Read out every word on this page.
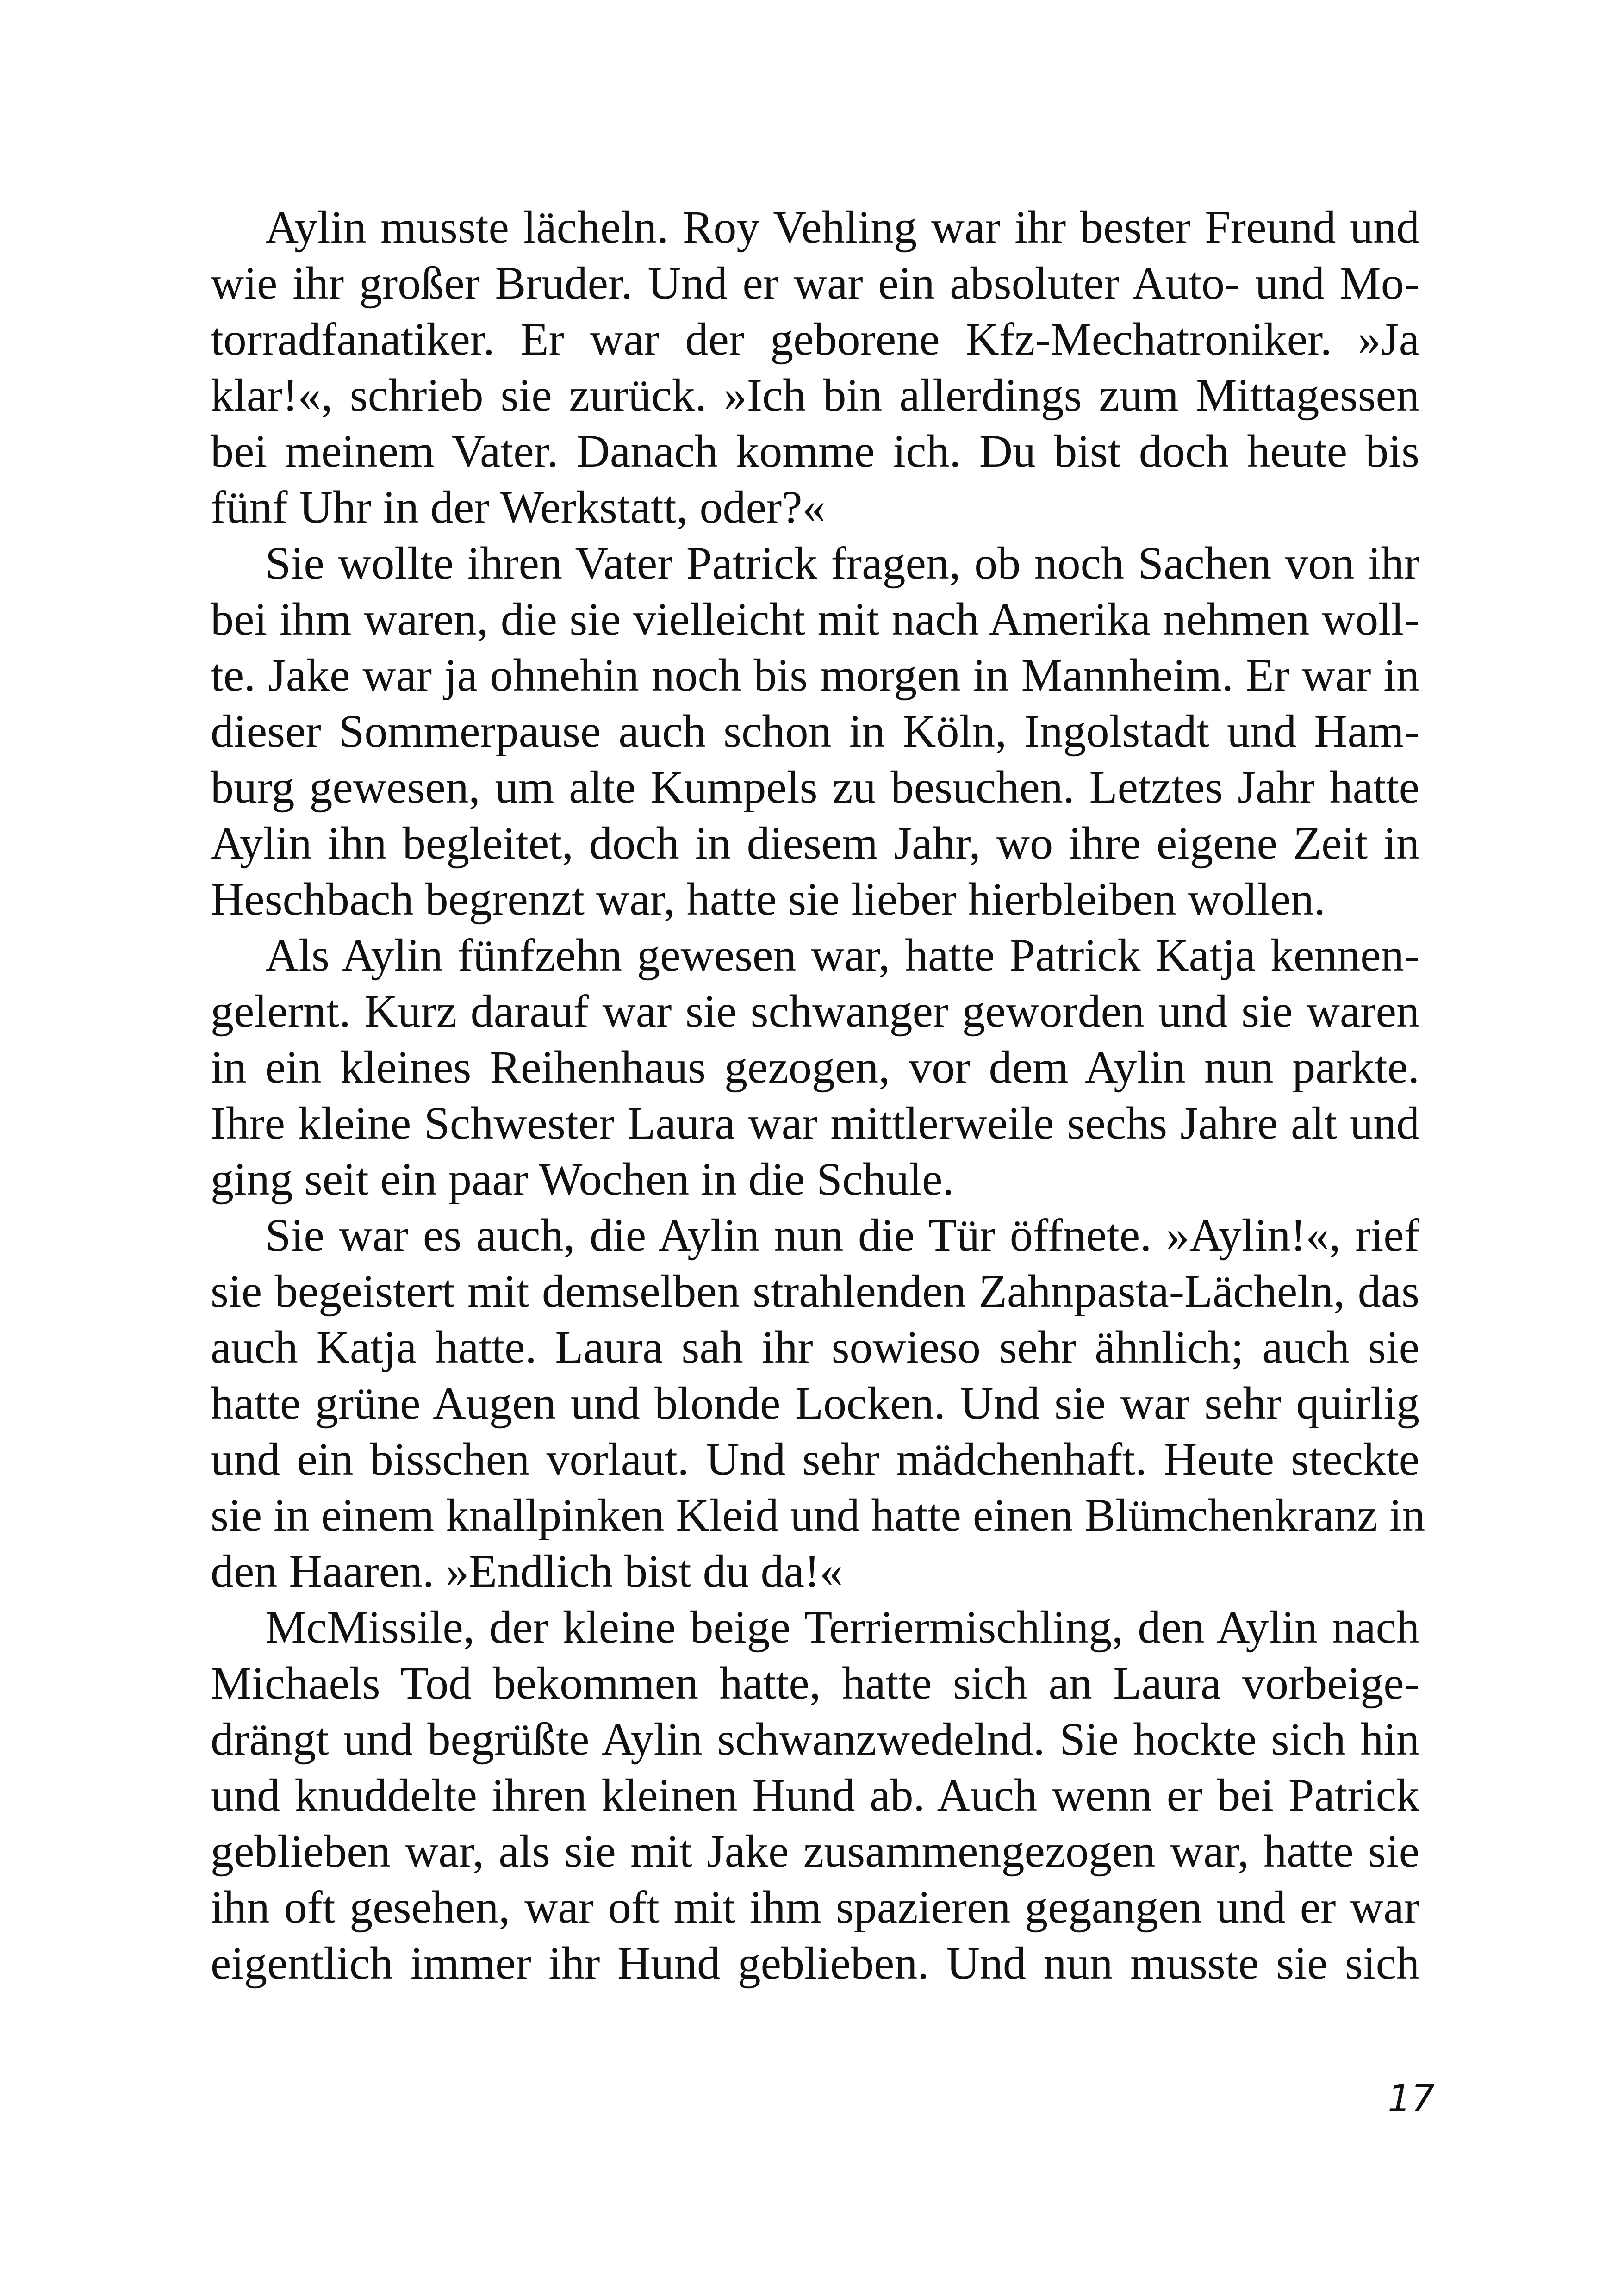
Aylin musste lächeln. Roy Vehling war ihr bester Freund und
wie ihr großer Bruder. Und er war ein absoluter Auto- und Mo-
torradfanatiker. Er war der geborene Kfz-Mechatroniker. »Ja
klar!«, schrieb sie zurück. »Ich bin allerdings zum Mittagessen
bei meinem Vater. Danach komme ich. Du bist doch heute bis
fünf Uhr in der Werkstatt, oder?«
Sie wollte ihren Vater Patrick fragen, ob noch Sachen von ihr
bei ihm waren, die sie vielleicht mit nach Amerika nehmen woll-
te. Jake war ja ohnehin noch bis morgen in Mannheim. Er war in
dieser Sommerpause auch schon in Köln, Ingolstadt und Ham-
burg gewesen, um alte Kumpels zu besuchen. Letztes Jahr hatte
Aylin ihn begleitet, doch in diesem Jahr, wo ihre eigene Zeit in
Heschbach begrenzt war, hatte sie lieber hierbleiben wollen.
Als Aylin fünfzehn gewesen war, hatte Patrick Katja kennen-
gelernt. Kurz darauf war sie schwanger geworden und sie waren
in ein kleines Reihenhaus gezogen, vor dem Aylin nun parkte.
Ihre kleine Schwester Laura war mittlerweile sechs Jahre alt und
ging seit ein paar Wochen in die Schule.
Sie war es auch, die Aylin nun die Tür öffnete. »Aylin!«, rief
sie begeistert mit demselben strahlenden Zahnpasta-Lächeln, das
auch Katja hatte. Laura sah ihr sowieso sehr ähnlich; auch sie
hatte grüne Augen und blonde Locken. Und sie war sehr quirlig
und ein bisschen vorlaut. Und sehr mädchenhaft. Heute steckte
sie in einem knallpinken Kleid und hatte einen Blümchenkranz in
den Haaren. »Endlich bist du da!«
McMissile, der kleine beige Terriermischling, den Aylin nach
Michaels Tod bekommen hatte, hatte sich an Laura vorbeige-
drängt und begrüßte Aylin schwanzwedelnd. Sie hockte sich hin
und knuddelte ihren kleinen Hund ab. Auch wenn er bei Patrick
geblieben war, als sie mit Jake zusammengezogen war, hatte sie
ihn oft gesehen, war oft mit ihm spazieren gegangen und er war
eigentlich immer ihr Hund geblieben. Und nun musste sie sich
17
